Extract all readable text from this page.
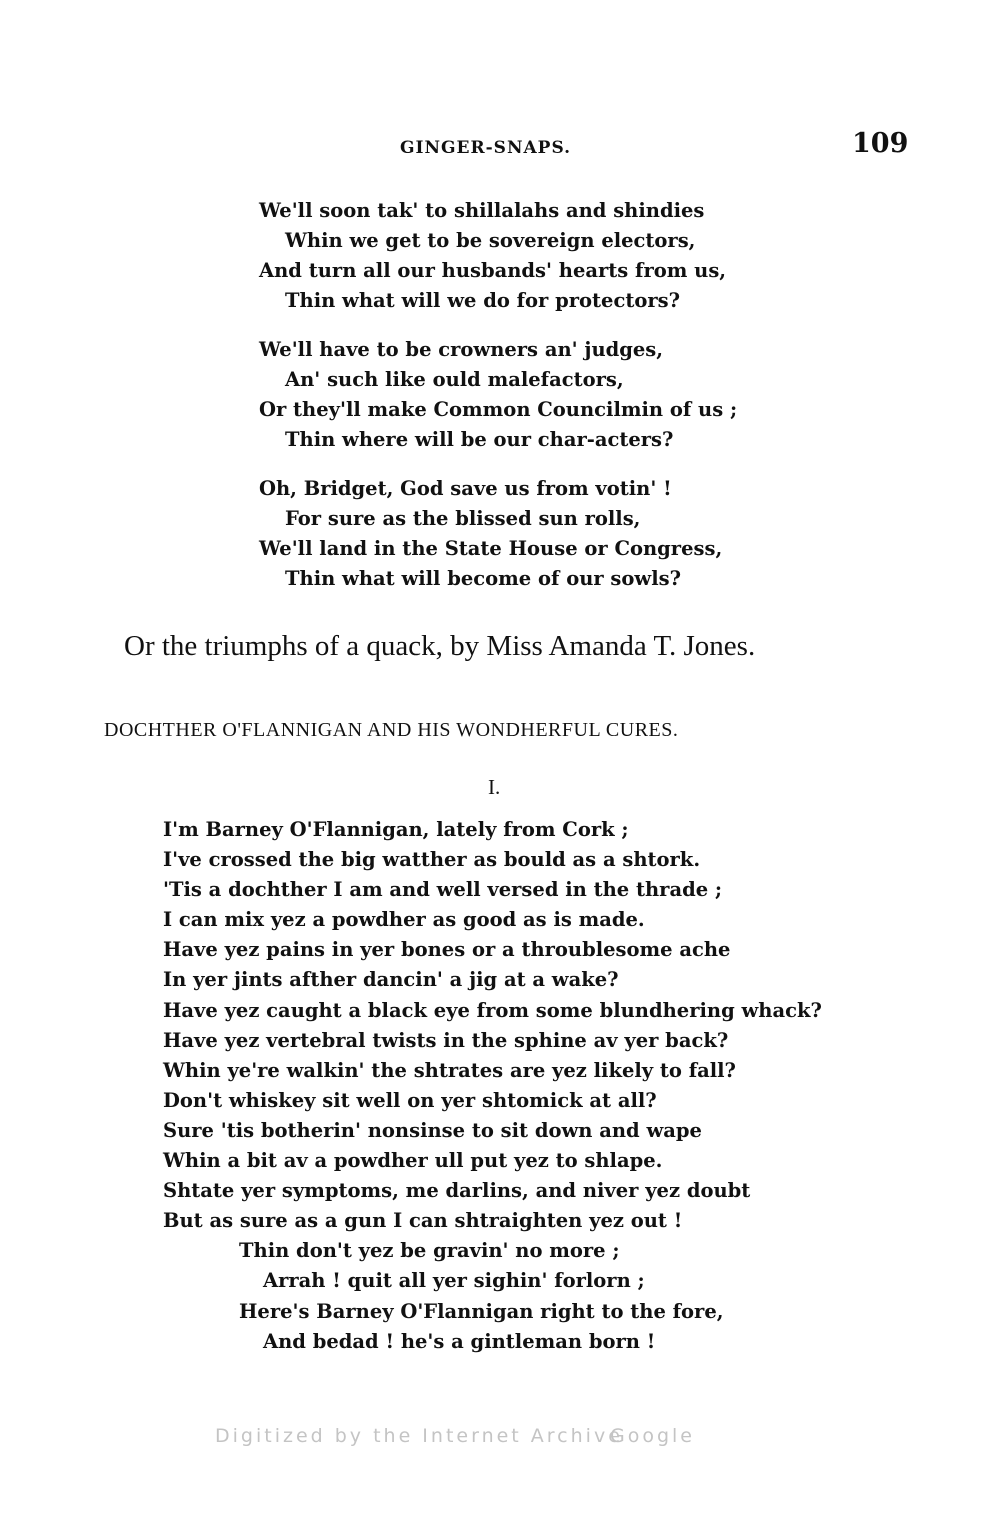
GINGER-SNAPS.	109
We'll soon tak' to shillalahs and shindies
Whin we get to be sovereign electors,
And turn all our husbands' hearts from us,
Thin what will we do for protectors?
We'll have to be crowners an' judges,
An' such like ould malefactors,
Or they'll make Common Councilmin of us ;
Thin where will be our char-acters?
Oh, Bridget, God save us from votin' !
For sure as the blissed sun rolls,
We'll land in the State House or Congress,
Thin what will become of our sowls?
Or the triumphs of a quack, by Miss Amanda T. Jones.
DOCHTHER O'FLANNIGAN AND HIS WONDHERFUL CURES.
I.
I'm Barney O'Flannigan, lately from Cork ;
I've crossed the big watther as bould as a shtork.
'Tis a dochther I am and well versed in the thrade ;
I can mix yez a powdher as good as is made.
Have yez pains in yer bones or a throublesome ache
In yer jints afther dancin' a jig at a wake?
Have yez caught a black eye from some blundhering whack?
Have yez vertebral twists in the sphine av yer back?
Whin ye're walkin' the shtrates are yez likely to fall?
Don't whiskey sit well on yer shtomick at all?
Sure 'tis botherin' nonsinse to sit down and wape
Whin a bit av a powdher ull put yez to shlape.
Shtate yer symptoms, me darlins, and niver yez doubt
But as sure as a gun I can shtraighten yez out !
Thin don't yez be gravin' no more ;
Arrah ! quit all yer sighin' forlorn ;
Here's Barney O'Flannigan right to the fore,
And bedad ! he's a gintleman born !
Digitized by the Internet Archive
Google
